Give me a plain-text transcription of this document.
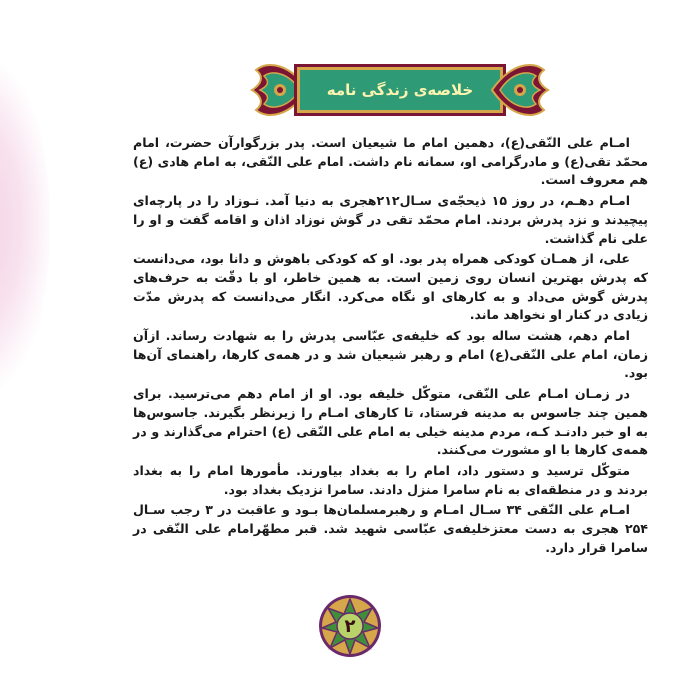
خلاصه‌ی زندگی نامه

امـام علی النّقی(ع)، دهمین امام ما شیعیان است. پدر بزرگوارآن حضرت، امام محمّد تقی(ع) و مادرگرامی او، سمانه نام داشت. امام علی النّقی، به امام هادی (ع) هم معروف است.

امـام دهـم، در روز ۱۵ ذیحجّه‌ی سـال۲۱۲هجری به دنیا آمد. نـوزاد را در پارچه‌ای پیچیدند و نزد پدرش بردند. امام محمّد تقی در گوش نوزاد اذان و اقامه گفت و او را علی نام گذاشت.

علی، از همـان کودکی همراه پدر بود. او که کودکی باهوش و دانا بود، می‌دانست که پدرش بهترین انسان روی زمین است. به همین خاطر، او با دقّت به حرف‌های پدرش گوش می‌داد و به کارهای او نگاه می‌کرد. انگار می‌دانست که پدرش مدّت زیادی در کنار او نخواهد ماند.

امام دهم، هشت ساله بود که خلیفه‌ی عبّاسی پدرش را به شهادت رساند. ازآن زمان، امام علی النّقی(ع) امام و رهبر شیعیان شد و در همه‌ی کارها، راهنمای آن‌ها بود.

در زمـان امـام علی النّقی، متوکّل خلیفه بود. او از امام دهم می‌ترسید. برای همین چند جاسوس به مدینه فرستاد، تا کارهای امـام را زیرنظر بگیرند. جاسوس‌ها به او خبر دادنـد کـه، مردم مدینه خیلی به امام علی النّقی (ع) احترام می‌گذارند و در همه‌ی کارها با او مشورت می‌کنند.

متوکّل ترسید و دستور داد، امام را به بغداد بیاورند. مأمورها امام را به بغداد بردند و در منطقه‌ای به نام سامرا منزل دادند. سامرا نزدیک بغداد بود.

امـام علی النّقی ۳۴ سـال امـام و رهبرمسلمان‌ها بـود و عاقبت در ۳ رجب سـال ۲۵۴ هجری به دست معتزخلیفه‌ی عبّاسی شهید شد. قبر مطهّرامام علی النّقی در سامرا قرار دارد.

۲
